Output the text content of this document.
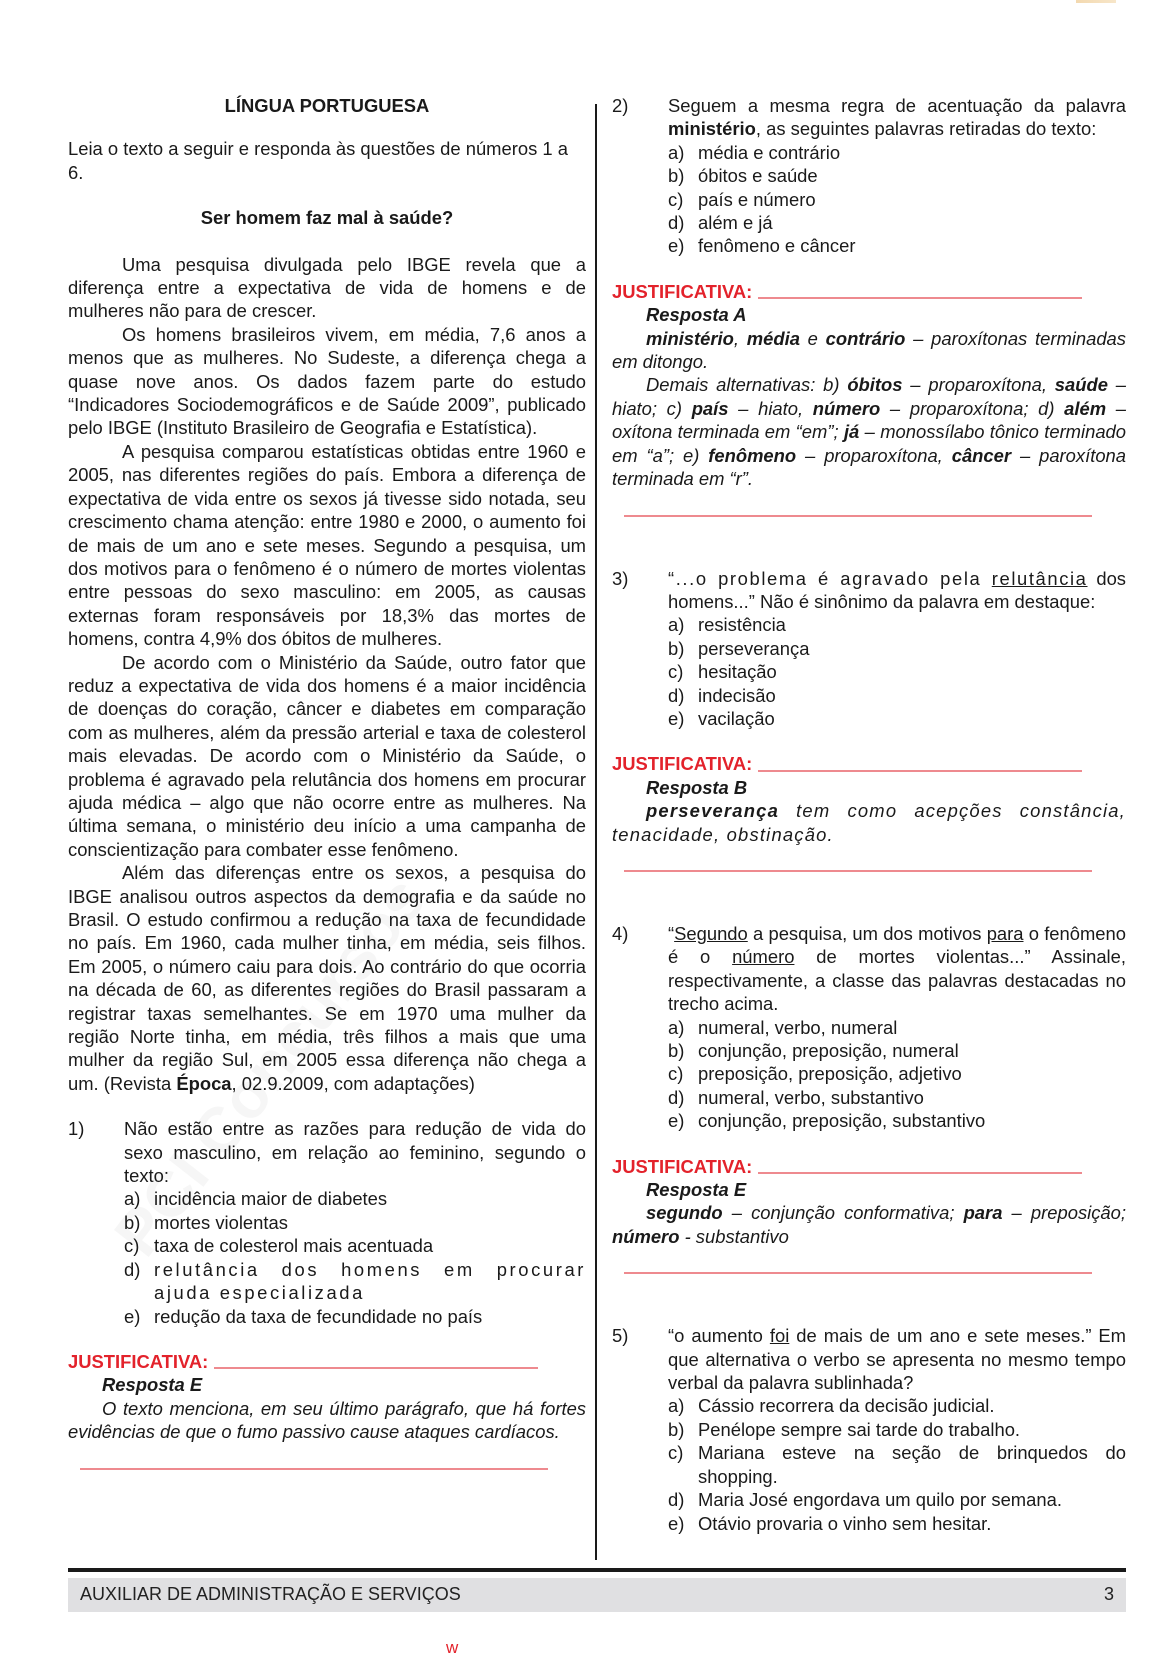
LÍNGUA PORTUGUESA

Leia o texto a seguir e responda às questões de números 1 a 6.

Ser homem faz mal à saúde?

Uma pesquisa divulgada pelo IBGE revela que a diferença entre a expectativa de vida de homens e de mulheres não para de crescer.

Os homens brasileiros vivem, em média, 7,6 anos a menos que as mulheres. No Sudeste, a diferença chega a quase nove anos. Os dados fazem parte do estudo “Indicadores Sociodemográficos e de Saúde 2009”, publicado pelo IBGE (Instituto Brasileiro de Geografia e Estatística).

A pesquisa comparou estatísticas obtidas entre 1960 e 2005, nas diferentes regiões do país. Embora a diferença de expectativa de vida entre os sexos já tivesse sido notada, seu crescimento chama atenção: entre 1980 e 2000, o aumento foi de mais de um ano e sete meses. Segundo a pesquisa, um dos motivos para o fenômeno é o número de mortes violentas entre pessoas do sexo masculino: em 2005, as causas externas foram responsáveis por 18,3% das mortes de homens, contra 4,9% dos óbitos de mulheres.

De acordo com o Ministério da Saúde, outro fator que reduz a expectativa de vida dos homens é a maior incidência de doenças do coração, câncer e diabetes em comparação com as mulheres, além da pressão arterial e taxa de colesterol mais elevadas. De acordo com o Ministério da Saúde, o problema é agravado pela relutância dos homens em procurar ajuda médica – algo que não ocorre entre as mulheres. Na última semana, o ministério deu início a uma campanha de conscientização para combater esse fenômeno.

Além das diferenças entre os sexos, a pesquisa do IBGE analisou outros aspectos da demografia e da saúde no Brasil. O estudo confirmou a redução na taxa de fecundidade no país. Em 1960, cada mulher tinha, em média, seis filhos. Em 2005, o número caiu para dois. Ao contrário do que ocorria na década de 60, as diferentes regiões do Brasil passaram a registrar taxas semelhantes. Se em 1970 uma mulher da região Norte tinha, em média, três filhos a mais que uma mulher da região Sul, em 2005 essa diferença não chega a um. (Revista Época, 02.9.2009, com adaptações)

1)	Não estão entre as razões para redução de vida do sexo masculino, em relação ao feminino, segundo o texto:

a) incidência maior de diabetes
b) mortes violentas
c) taxa de colesterol mais acentuada
d) relutância dos homens em procurar ajuda especializada
e) redução da taxa de fecundidade no país
JUSTIFICATIVA:

Resposta E

O texto menciona, em seu último parágrafo, que há fortes evidências de que o fumo passivo cause ataques cardíacos.

2)	Seguem a mesma regra de acentuação da palavra ministério, as seguintes palavras retiradas do texto:

a) média e contrário
b) óbitos e saúde
c) país e número
d) além e já
e) fenômeno e câncer
JUSTIFICATIVA:

Resposta A

ministério, média e contrário – paroxítonas terminadas em ditongo.

Demais alternativas: b) óbitos – proparoxítona, saúde – hiato; c) país – hiato, número – proparoxítona; d) além – oxítona terminada em “em”; já – monossílabo tônico terminado em “a”; e) fenômeno – proparoxítona, câncer – paroxítona terminada em “r”.

3)	“...o problema é agravado pela relutância dos homens...” Não é sinônimo da palavra em destaque:

a) resistência
b) perseverança
c) hesitação
d) indecisão
e) vacilação
JUSTIFICATIVA:

Resposta B

perseverança tem como acepções constância, tenacidade, obstinação.

4)	“Segundo a pesquisa, um dos motivos para o fenômeno é o número de mortes violentas...” Assinale, respectivamente, a classe das palavras destacadas no trecho acima.

a) numeral, verbo, numeral
b) conjunção, preposição, numeral
c) preposição, preposição, adjetivo
d) numeral, verbo, substantivo
e) conjunção, preposição, substantivo
JUSTIFICATIVA:

Resposta E

segundo – conjunção conformativa; para – preposição; número - substantivo

5)	“o aumento foi de mais de um ano e sete meses.” Em que alternativa o verbo se apresenta no mesmo tempo verbal da palavra sublinhada?

a) Cássio recorrera da decisão judicial.
b) Penélope sempre sai tarde do trabalho.
c) Mariana esteve na seção de brinquedos do shopping.
d) Maria José engordava um quilo por semana.
e) Otávio provaria o vinho sem hesitar.
AUXILIAR DE ADMINISTRAÇÃO E SERVIÇOS	3
w
